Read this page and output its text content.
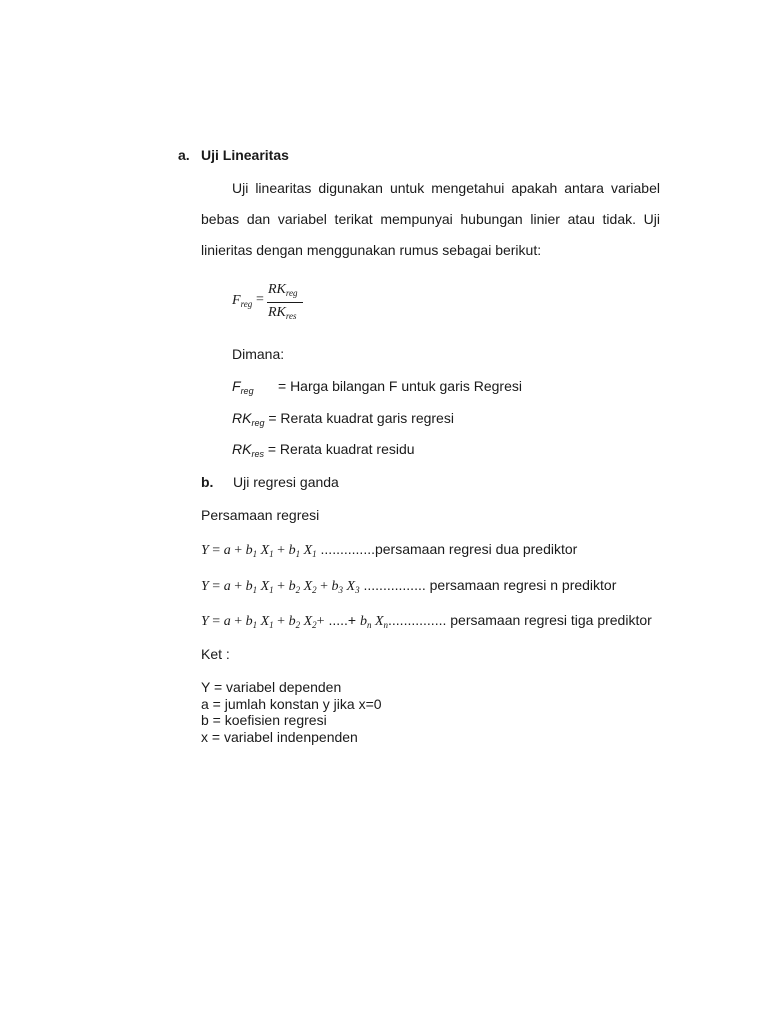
a. Uji Linearitas
Uji linearitas digunakan untuk mengetahui apakah antara variabel bebas dan variabel terikat mempunyai hubungan linier atau tidak. Uji linieritas dengan menggunakan rumus sebagai berikut:
$F_{reg}$ =
$RK_{reg}$
$RK_{res}$
Dimana:
$F_{reg}$ = Harga bilangan F untuk garis Regresi
$RK_{reg}$ = Rerata kuadrat garis regresi
$RK_{res}$ = Rerata kuadrat residu
b. Uji regresi ganda
Persamaan regresi
$Y = a + b_1$ $X_1 + b_1$ $X_1$ ..............persamaan regresi dua prediktor
$Y = a + b_1$ $X_1 + b_2$ $X_2 + b_3$ $X_3$ ................ persamaan regresi n prediktor
$Y = a + b_1$ $X_1 + b_2$ $X_2+$ .....+ $b_n$ $X_n$............... persamaan regresi tiga prediktor
Ket :
Y = variabel dependen
a = jumlah konstan y jika x=0
b = koefisien regresi
x = variabel indenpenden
